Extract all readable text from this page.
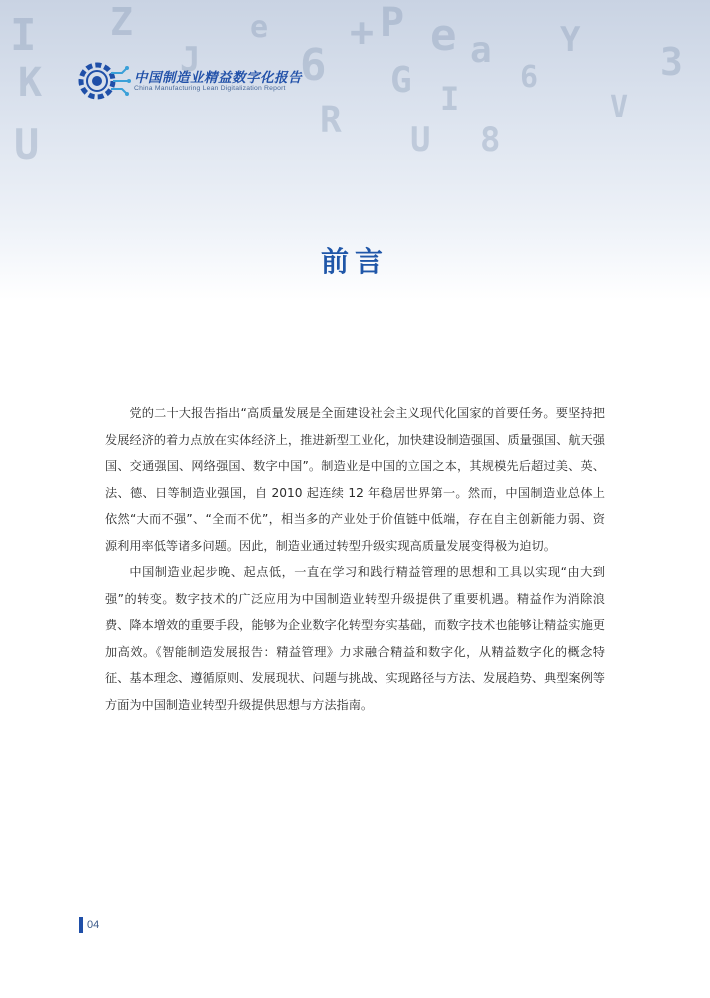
I
K
U
Z
J
e
6
R
+ P
G
U
e
I
a
8
6
Y
V
3
中国制造业精益数字化报告
China Manufacturing Lean Digitalization Report
前言

党的二十大报告指出“高质量发展是全面建设社会主义现代化国家的首要任务。要坚持把发展经济的着力点放在实体经济上，推进新型工业化，加快建设制造强国、质量强国、航天强国、交通强国、网络强国、数字中国”。制造业是中国的立国之本，其规模先后超过美、英、法、德、日等制造业强国，自 2010 起连续 12 年稳居世界第一。然而，中国制造业总体上依然“大而不强”、“全而不优”，相当多的产业处于价值链中低端，存在自主创新能力弱、资源利用率低等诸多问题。因此，制造业通过转型升级实现高质量发展变得极为迫切。

中国制造业起步晚、起点低，一直在学习和践行精益管理的思想和工具以实现“由大到强”的转变。数字技术的广泛应用为中国制造业转型升级提供了重要机遇。精益作为消除浪费、降本增效的重要手段，能够为企业数字化转型夯实基础，而数字技术也能够让精益实施更加高效。《智能制造发展报告：精益管理》力求融合精益和数字化，从精益数字化的概念特征、基本理念、遵循原则、发展现状、问题与挑战、实现路径与方法、发展趋势、典型案例等方面为中国制造业转型升级提供思想与方法指南。

04
